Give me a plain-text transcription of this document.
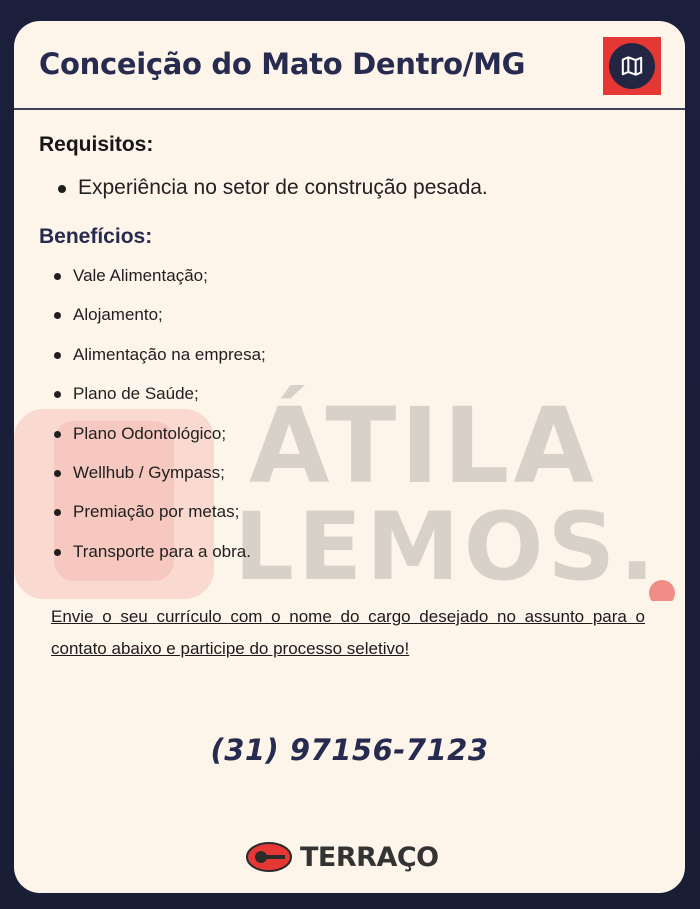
Conceição do Mato Dentro/MG
ÁTILA
LEMOS.
Requisitos:
Experiência no setor de construção pesada.
Benefícios:
Vale Alimentação;
Alojamento;
Alimentação na empresa;
Plano de Saúde;
Plano Odontológico;
Wellhub / Gympass;
Premiação por metas;
Transporte para a obra.

Envie o seu currículo com o nome do cargo desejado no assunto para o contato abaixo e participe do processo seletivo!

(31) 97156-7123

TERRAÇO
